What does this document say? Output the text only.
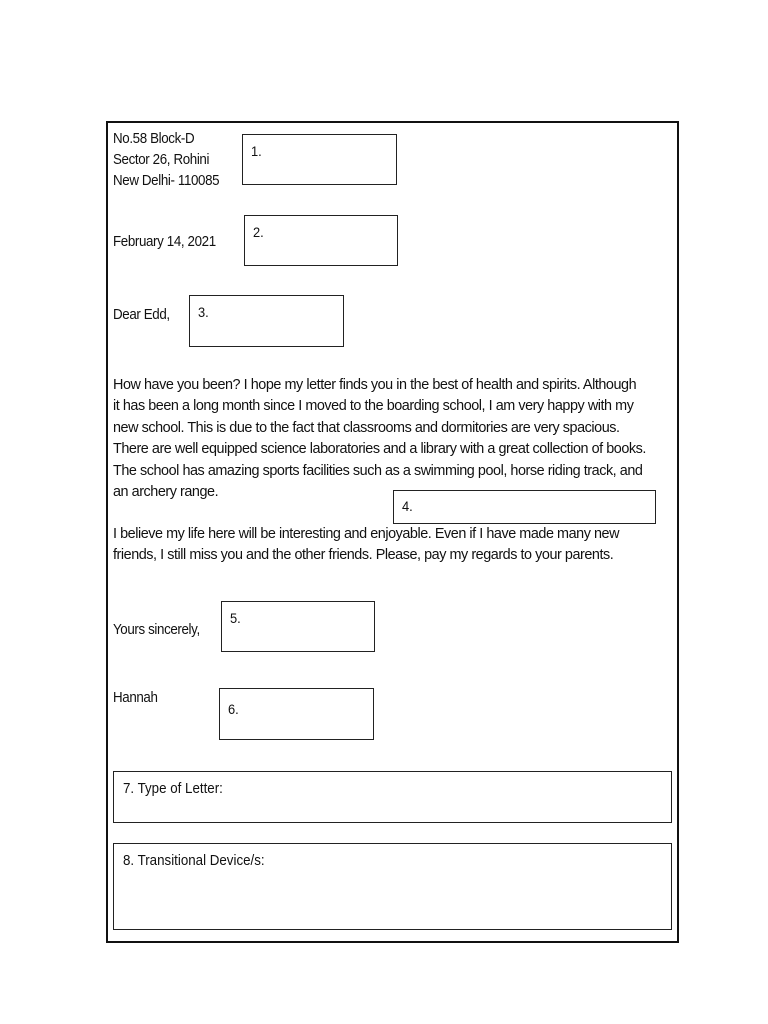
No.58 Block-D
Sector 26, Rohini
New Delhi- 110085
1.
February 14, 2021
2.
Dear Edd, 3.
How have you been? I hope my letter finds you in the best of health and spirits. Although
it has been a long month since I moved to the boarding school, I am very happy with my
new school. This is due to the fact that classrooms and dormitories are very spacious.
There are well equipped science laboratories and a library with a great collection of books.
The school has amazing sports facilities such as a swimming pool, horse riding track, and
an archery range.
4.
I believe my life here will be interesting and enjoyable. Even if I have made many new
friends, I still miss you and the other friends. Please, pay my regards to your parents.
Yours sincerely,
5.
Hannah
6.
7. Type of Letter:
8. Transitional Device/s:
